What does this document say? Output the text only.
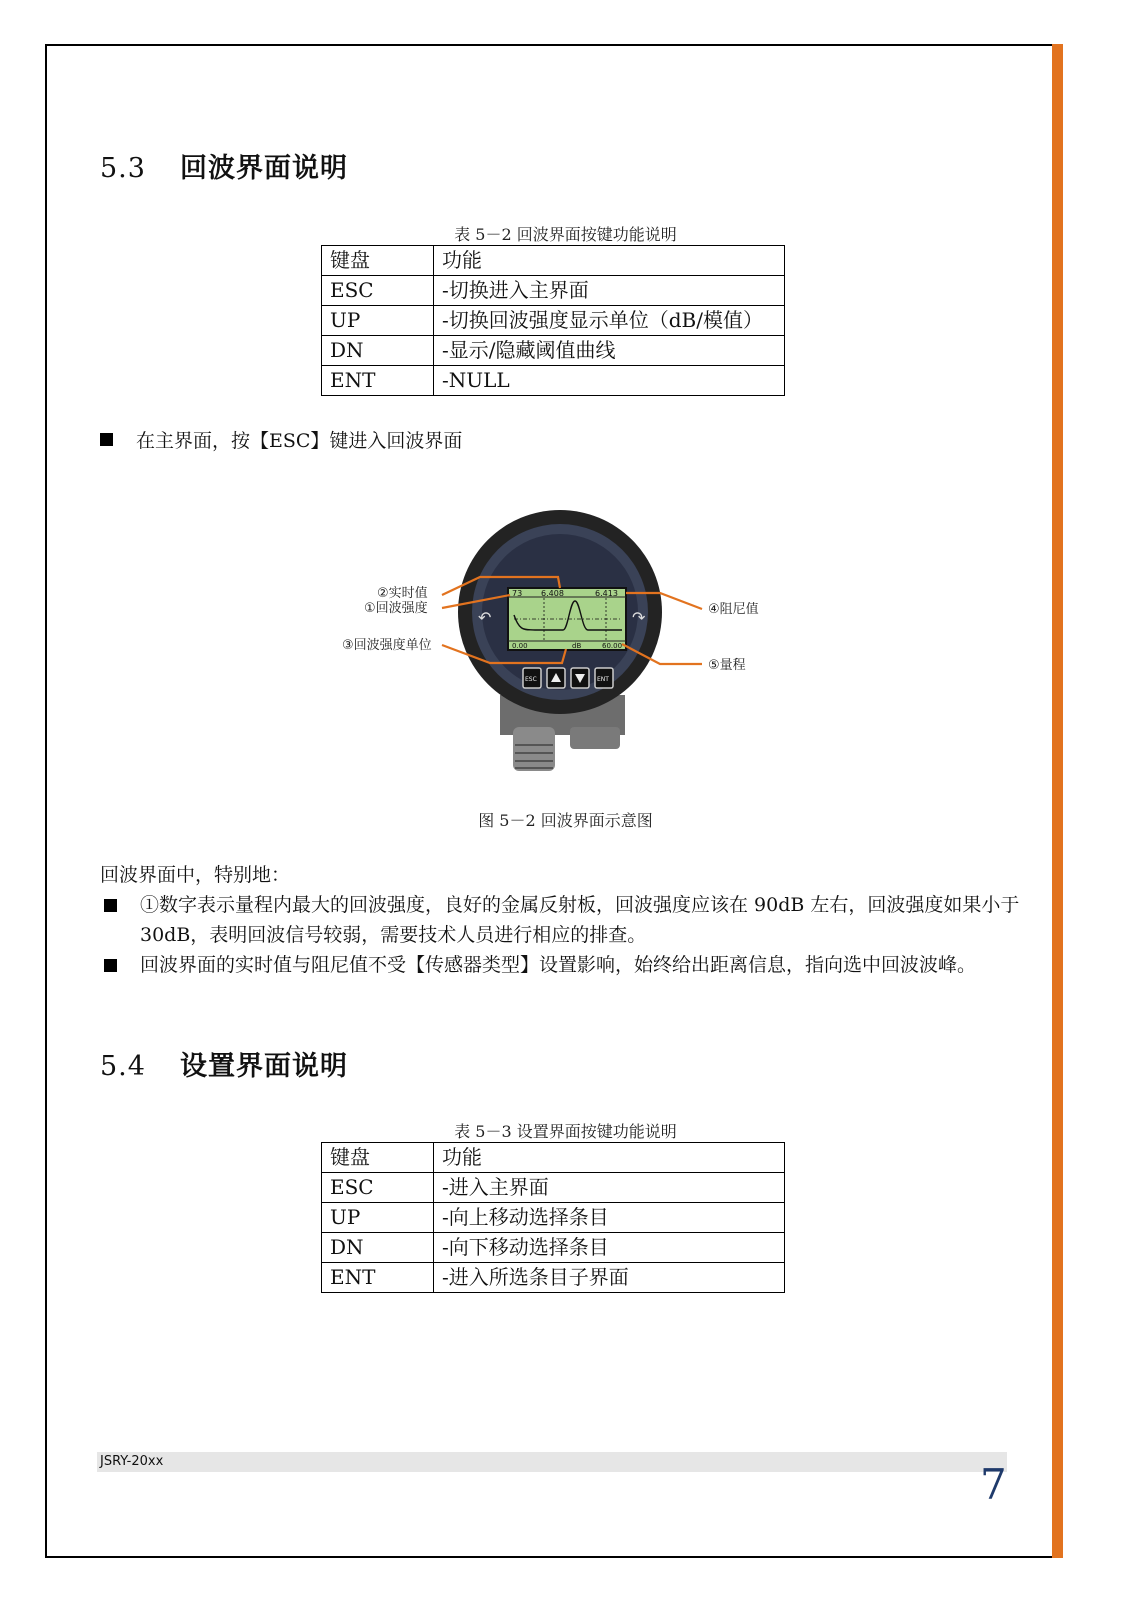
5.3 回波界面说明
表 5－2 回波界面按键功能说明
键盘	功能
ESC	-切换进入主界面
UP	-切换回波强度显示单位（dB/模值）
DN	-显示/隐藏阈值曲线
ENT	-NULL
在主界面，按【ESC】键进入回波界面
↶	↷
73 6.408	6.413
0.00	dB	60.00
ESC	ENT
②实时值
①回波强度
③回波强度单位
④阻尼值
⑤量程
图 5－2 回波界面示意图
回波界面中，特别地：
①数字表示量程内最大的回波强度，良好的金属反射板，回波强度应该在 90dB 左右，回波强度如果小于 30dB，表明回波信号较弱，需要技术人员进行相应的排查。
回波界面的实时值与阻尼值不受【传感器类型】设置影响，始终给出距离信息，指向选中回波波峰。
5.4 设置界面说明
表 5－3 设置界面按键功能说明
键盘	功能
ESC	-进入主界面
UP	-向上移动选择条目
DN	-向下移动选择条目
ENT	-进入所选条目子界面
JSRY-20xx	7
